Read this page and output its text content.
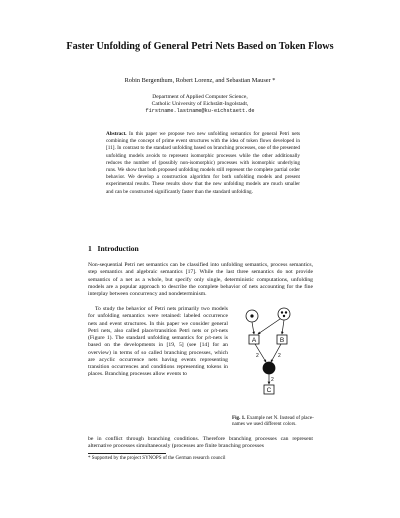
Faster Unfolding of General Petri Nets Based on Token Flows
Robin Bergenthum, Robert Lorenz, and Sebastian Mauser *
Department of Applied Computer Science,
Catholic University of Eichstätt-Ingolstadt,
firstname.lastname@ku-eichstaett.de
Abstract. In this paper we propose two new unfolding semantics for general Petri nets combining the concept of prime event structures with the idea of token flows developed in [11]. In contrast to the standard unfolding based on branching processes, one of the presented unfolding models avoids to represent isomorphic processes while the other additionally reduces the number of (possibly non-isomorphic) processes with isomorphic underlying runs. We show that both proposed unfolding models still represent the complete partial order behavior. We develop a construction algorithm for both unfolding models and present experimental results. These results show that the new unfolding models are much smaller and can be constructed significantly faster than the standard unfolding.
1 Introduction
Non-sequential Petri net semantics can be classified into unfolding semantics, process semantics, step semantics and algebraic semantics [17]. While the last three semantics do not provide semantics of a net as a whole, but specify only single, deterministic computations, unfolding models are a popular approach to describe the complete behavior of nets accounting for the fine interplay between concurrency and nondeterminism.
To study the behavior of Petri nets primarily two models for unfolding semantics were retained: labeled occurrence nets and event structures. In this paper we consider general Petri nets, also called place/transition Petri nets or p/t-nets (Figure 1). The standard unfolding semantics for p/t-nets is based on the developments in [19, 5] (see [14] for an overview) in terms of so called branching processes, which are acyclic occurrence nets having events representing transition occurrences and conditions representing tokens in places. Branching processes allow events to
be in conflict through branching conditions. Therefore branching processes can represent alternative processes simultaneously (processes are finite branching processes
A	B
2	2
2
C
Fig. 1. Example net N. Instead of place-names we used different colors.
* Supported by the project SYNOPS of the German research council
